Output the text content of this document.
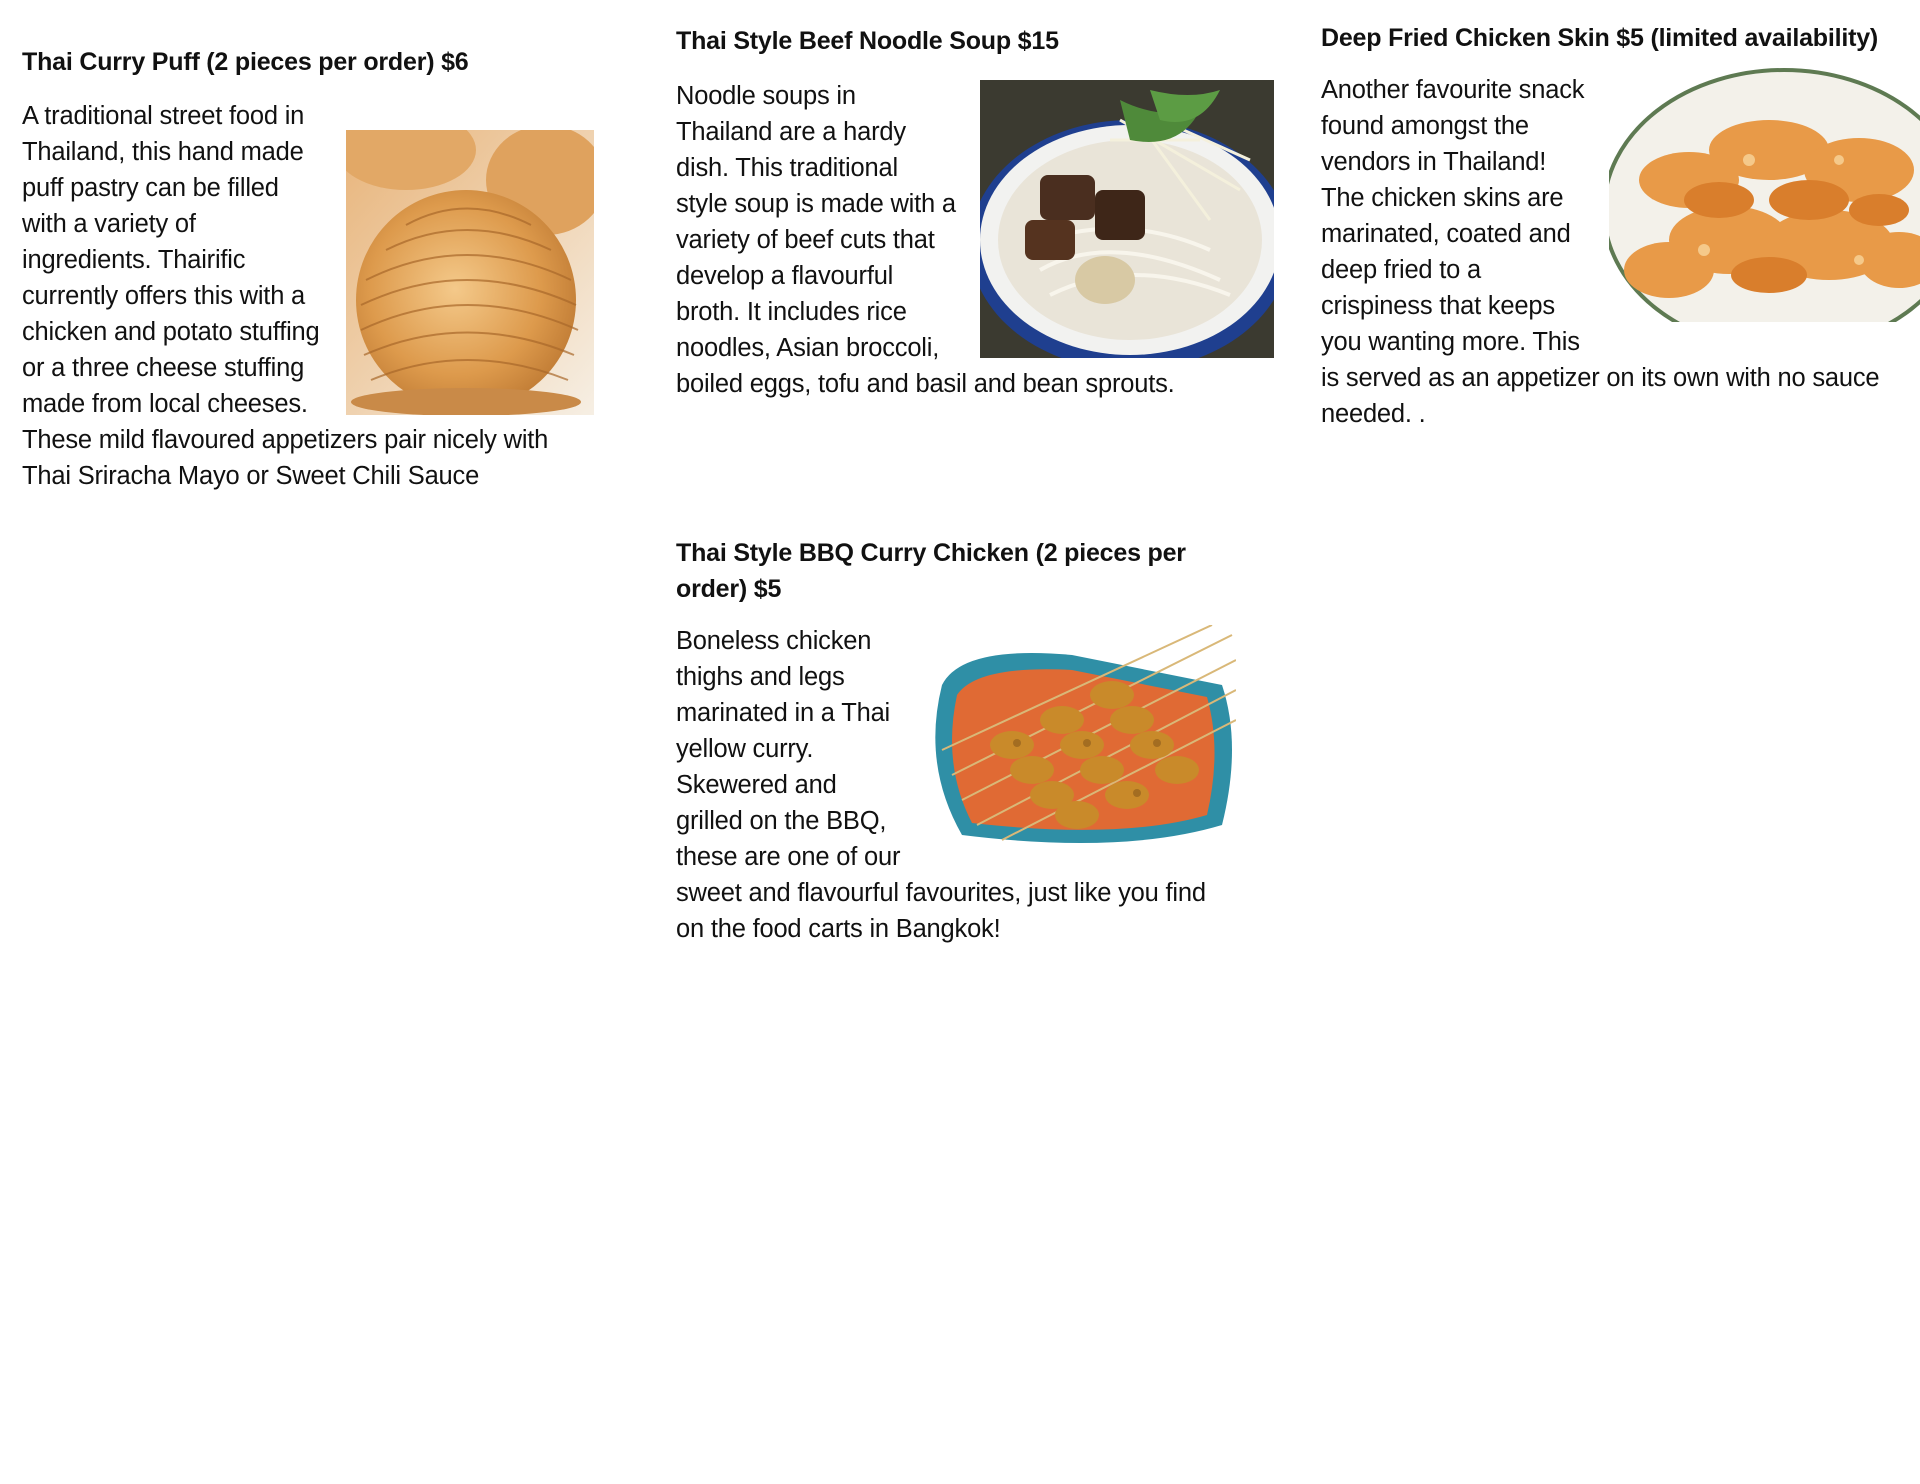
Thai Curry Puff (2 pieces per order) $6

A traditional street food in Thailand, this hand made puff pastry can be filled with a variety of ingredients. Thairific currently offers this with a chicken and potato stuffing or a three cheese stuffing made from local cheeses. These mild flavoured appetizers pair nicely with Thai Sriracha Mayo or Sweet Chili Sauce

Thai Style Beef Noodle Soup $15

Noodle soups in Thailand are a hardy dish. This traditional style soup is made with a variety of beef cuts that develop a flavourful broth. It includes rice noodles, Asian broccoli, boiled eggs, tofu and basil and bean sprouts.

Deep Fried Chicken Skin $5 (limited availability)

Another favourite snack found amongst the vendors in Thailand! The chicken skins are marinated, coated and deep fried to a crispiness that keeps you wanting more. This is served as an appetizer on its own with no sauce needed. .

Thai Style BBQ Curry Chicken (2 pieces per order) $5

Boneless chicken thighs and legs marinated in a Thai yellow curry. Skewered and grilled on the BBQ, these are one of our sweet and flavourful favourites, just like you find on the food carts in Bangkok!
